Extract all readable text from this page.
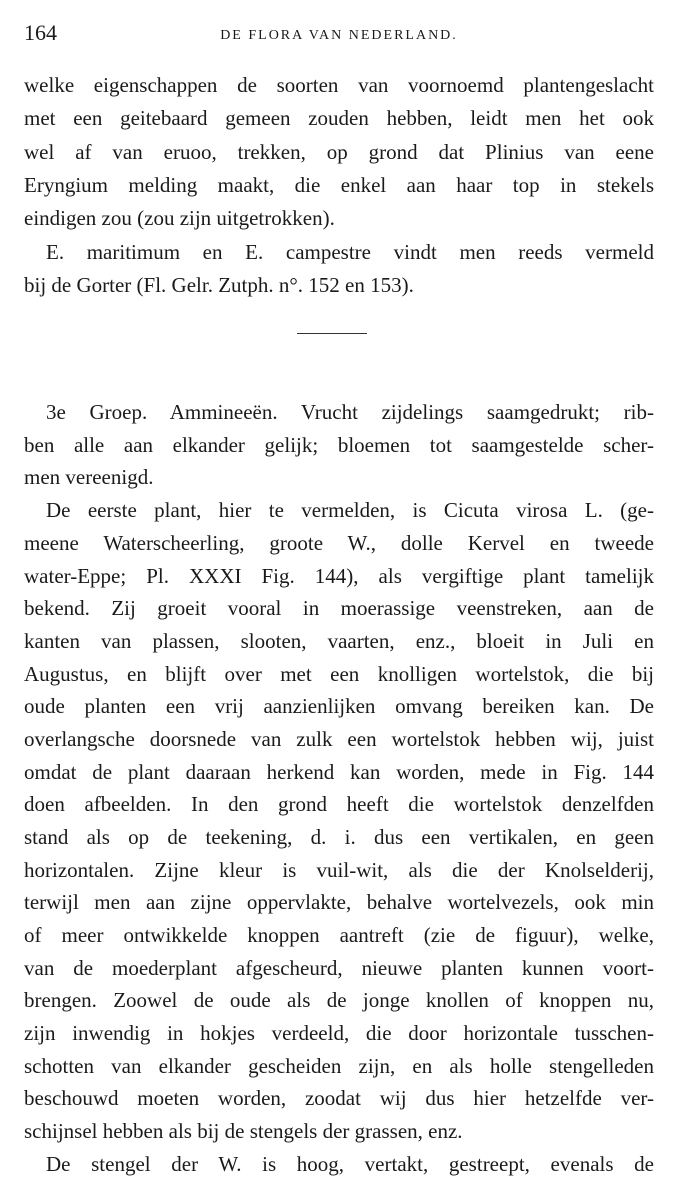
164	DE FLORA VAN NEDERLAND.
welke eigenschappen de soorten van voornoemd plantengeslacht
met een geitebaard gemeen zouden hebben, leidt men het ook
wel af van eruoo, trekken, op grond dat Plinius van eene
Eryngium melding maakt, die enkel aan haar top in stekels
eindigen zou (zou zijn uitgetrokken).
E. maritimum en E. campestre vindt men reeds vermeld
bij de Gorter (Fl. Gelr. Zutph. n°. 152 en 153).
3e Groep. Ammineeën. Vrucht zijdelings saamgedrukt; rib-
ben alle aan elkander gelijk; bloemen tot saamgestelde scher-
men vereenigd.
De eerste plant, hier te vermelden, is Cicuta virosa L. (ge-
meene Waterscheerling, groote W., dolle Kervel en tweede
water-Eppe; Pl. XXXI Fig. 144), als vergiftige plant tamelijk
bekend. Zij groeit vooral in moerassige veenstreken, aan de
kanten van plassen, slooten, vaarten, enz., bloeit in Juli en
Augustus, en blijft over met een knolligen wortelstok, die bij
oude planten een vrij aanzienlijken omvang bereiken kan. De
overlangsche doorsnede van zulk een wortelstok hebben wij, juist
omdat de plant daaraan herkend kan worden, mede in Fig. 144
doen afbeelden. In den grond heeft die wortelstok denzelfden
stand als op de teekening, d. i. dus een vertikalen, en geen
horizontalen. Zijne kleur is vuil-wit, als die der Knolselderij,
terwijl men aan zijne oppervlakte, behalve wortelvezels, ook min
of meer ontwikkelde knoppen aantreft (zie de figuur), welke,
van de moederplant afgescheurd, nieuwe planten kunnen voort-
brengen. Zoowel de oude als de jonge knollen of knoppen nu,
zijn inwendig in hokjes verdeeld, die door horizontale tusschen-
schotten van elkander gescheiden zijn, en als holle stengelleden
beschouwd moeten worden, zoodat wij dus hier hetzelfde ver-
schijnsel hebben als bij de stengels der grassen, enz.
De stengel der W. is hoog, vertakt, gestreept, evenals de
